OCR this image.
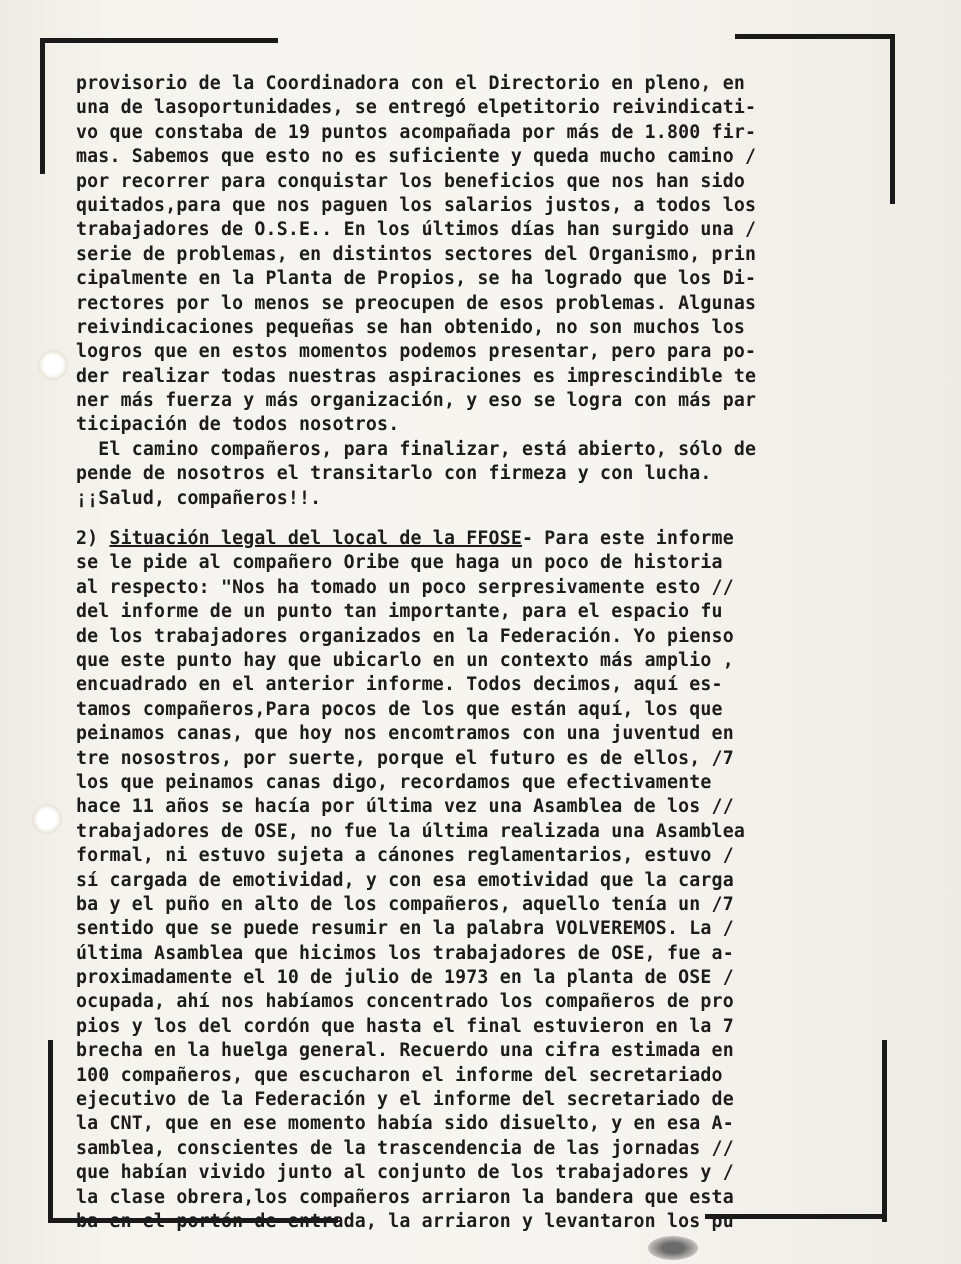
provisorio de la Coordinadora con el Directorio en pleno, en
una de lasoportunidades, se entregó elpetitorio reivindicati-
vo que constaba de 19 puntos acompañada por más de 1.800 fir-
mas. Sabemos que esto no es suficiente y queda mucho camino /
por recorrer para conquistar los beneficios que nos han sido
quitados,para que nos paguen los salarios justos, a todos los
trabajadores de O.S.E.. En los últimos días han surgido una /
serie de problemas, en distintos sectores del Organismo, prin
cipalmente en la Planta de Propios, se ha logrado que los Di-
rectores por lo menos se preocupen de esos problemas. Algunas
reivindicaciones pequeñas se han obtenido, no son muchos los
logros que en estos momentos podemos presentar, pero para po-
der realizar todas nuestras aspiraciones es imprescindible te
ner más fuerza y más organización, y eso se logra con más par
ticipación de todos nosotros.
El camino compañeros, para finalizar, está abierto, sólo de
pende de nosotros el transitarlo con firmeza y con lucha.
¡¡Salud, compañeros!!.
2) Situación legal del local de la FFOSE- Para este informe
se le pide al compañero Oribe que haga un poco de historia
al respecto: "Nos ha tomado un poco serpresivamente esto //
del informe de un punto tan importante, para el espacio fu
de los trabajadores organizados en la Federación. Yo pienso
que este punto hay que ubicarlo en un contexto más amplio ,
encuadrado en el anterior informe. Todos decimos, aquí es-
tamos compañeros,Para pocos de los que están aquí, los que
peinamos canas, que hoy nos encomtramos con una juventud en
tre nosostros, por suerte, porque el futuro es de ellos, /7
los que peinamos canas digo, recordamos que efectivamente
hace 11 años se hacía por última vez una Asamblea de los //
trabajadores de OSE, no fue la última realizada una Asamblea
formal, ni estuvo sujeta a cánones reglamentarios, estuvo /
sí cargada de emotividad, y con esa emotividad que la carga
ba y el puño en alto de los compañeros, aquello tenía un /7
sentido que se puede resumir en la palabra VOLVEREMOS. La /
última Asamblea que hicimos los trabajadores de OSE, fue a-
proximadamente el 10 de julio de 1973 en la planta de OSE /
ocupada, ahí nos habíamos concentrado los compañeros de pro
pios y los del cordón que hasta el final estuvieron en la 7
brecha en la huelga general. Recuerdo una cifra estimada en
100 compañeros, que escucharon el informe del secretariado
ejecutivo de la Federación y el informe del secretariado de
la CNT, que en ese momento había sido disuelto, y en esa A-
samblea, conscientes de la trascendencia de las jornadas //
que habían vivido junto al conjunto de los trabajadores y /
la clase obrera,los compañeros arriaron la bandera que esta
ba en el portón de entrada, la arriaron y levantaron los pu
